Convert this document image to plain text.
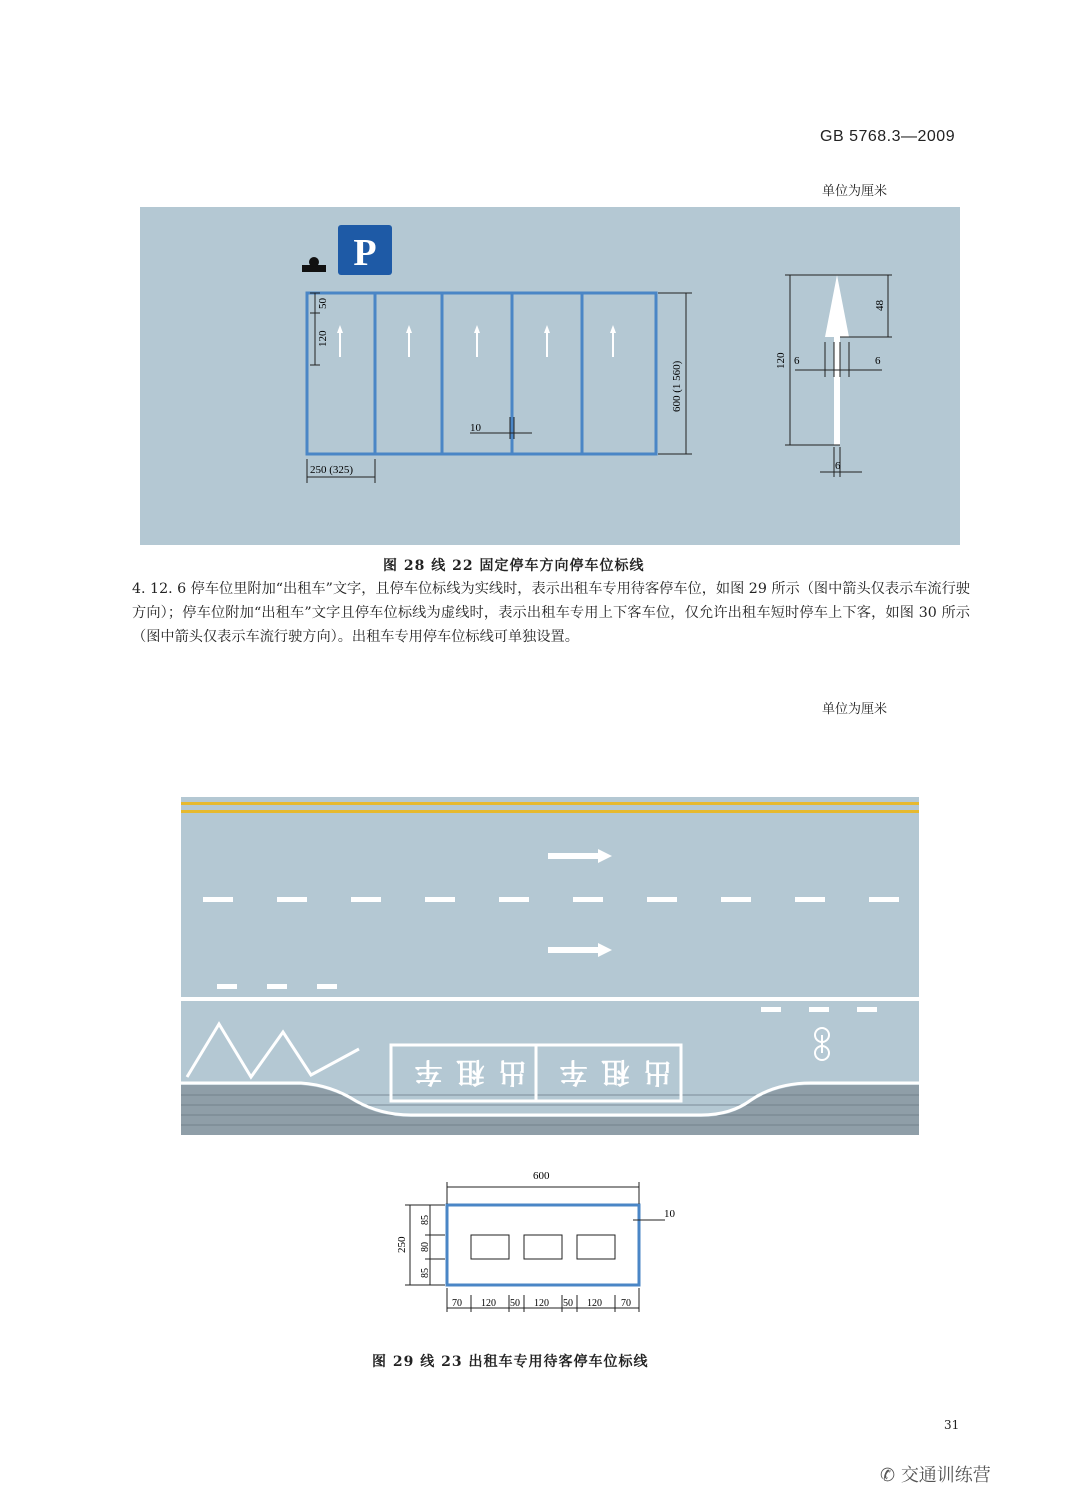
GB 5768.3—2009
单位为厘米
P
50
120
10
600 (1 560)
250 (325)
120
48
6	6
6
图 28 线 22 固定停车方向停车位标线
4. 12. 6 停车位里附加“出租车”文字，且停车位标线为实线时，表示出租车专用待客停车位，如图 29 所示（图中箭头仅表示车流行驶方向）；停车位附加“出租车”文字且停车位标线为虚线时，表示出租车专用上下客车位，仅允许出租车短时停车上下客，如图 30 所示（图中箭头仅表示车流行驶方向）。出租车专用停车位标线可单独设置。
单位为厘米
出租车 出租车
600
10
250
85
80
85
70 120 50 120 50 120 70
图 29 线 23 出租车专用待客停车位标线
31
✆ 交通训练营
